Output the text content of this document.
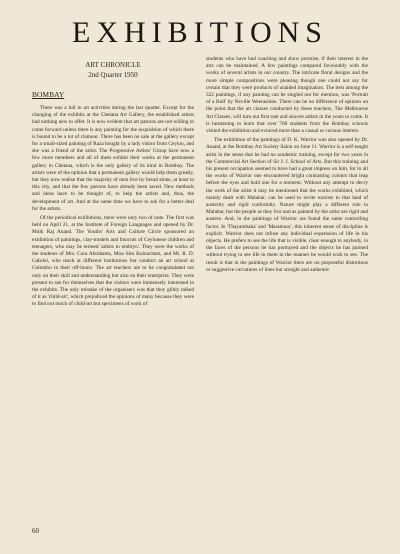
EXHIBITIONS

ART CHRONICLE

2nd Quarter 1950

BOMBAY

There was a lull in art activities during the last quarter. Except for the changing of the exhibits at the Chetana Art Gallery, the established artists had nothing new to offer. It is now evident that art patrons are not willing to come forward unless there is any painting for the acquisition of which there is bound to be a lot of clamour. There has been no sale at the gallery except for a small-sized painting of Raza bought by a lady visitor from Ceylon, and she was a friend of the artist. The Progressive Artists' Group have now a few more members and all of them exhibit their works at the permanent gallery in Chetana, which is the only gallery of its kind in Bombay. The artists were of the opinion that a permanent gallery would help them greatly, but they now realise that the majority of men live by bread alone, at least in this city, and that the few patrons have already been taxed. New methods and ideas have to be thought of, to help the artists and, thus, the development of art. And at the same time we have to ask for a better deal for the artists.

Of the periodical exhibitions, there were only two of note. The first was held on April 21, at the Institute of Foreign Languages and opened by Dr. Mulk Raj Anand. The Youths' Arts and Culture Circle sponsored an exhibition of paintings, clay-models and linocuts of Ceylonese children and teenagers, who may be termed 'artists in embryo'. They were the works of the students of Mrs. Cora Abrahams, Miss Situ Kulnacham, and Mr. R. D. Gabriel, who teach at different institutions but conduct an art school at Colombo in their off-hours. The art teachers are to be congratulated not only on their skill and understanding but also on their enterprise. They were present to see for themselves that the visitors were immensely interested in the exhibits. The only mistake of the organisers was that they glibly talked of it as 'child-art', which prejudiced the opinions of many because they were to find not much of child-art but specimens of work of

students who have had coaching and show promise, if their interest in the arts can be maintained. A few paintings compared favourably with the works of several artists in our country. The intricate floral designs and the more simple compositions were pleasing though one could not say for certain that they were products of unaided imagination. The best among the 322 paintings, if any painting can be singled out for mention, was 'Portrait of a Bull' by Neville Weerasinhe. There can be no difference of opinion on the point that the art classes conducted by these teachers, The Melbourne Art Classes, will turn out first rate and sincere artists in the years to come. It is heartening to learn that over 700 students from the Bombay schools visited the exhibition and evinced more than a casual or curious interest.

The exhibition of the paintings of D. K. Warrior was also opened by Dr. Anand, at the Bombay Art Society Salon on June 11. Warrior is a self-taught artist in the sense that he had no academic training, except for two years in the Commercial Art Section of Sir J. J. School of Arts. But this training and his present occupation seemed to have had a great impress on him, for in all the works of Warrior one encountered bright contrasting colours that leap before the eyes and hold one for a moment. Without any attempt to decry the work of the artist it may be mentioned that the works exhibited, which mainly dealt with Malabar, can be used to invite tourists to that land of austerity and rigid conformity. Nature might play a different role in Malabar, but the people as they live and as painted by the artist are rigid and austere. And, in the paintings of Warrior are found the same controlling factor. In 'Thayambaka' and 'Maramuar', this inherent sense of discipline is explicit. Warrior does not infuse any individual expression of life in his objects. He prefers to see the life that is visible, clear enough to anybody, in the faces of the persons he has portrayed and the objects he has painted without trying to see life in them in the manner he would wish to see. The result is that in the paintings of Warrior there are no purposeful distortions or suggestive curvatures of lines but straight and authentic

60
